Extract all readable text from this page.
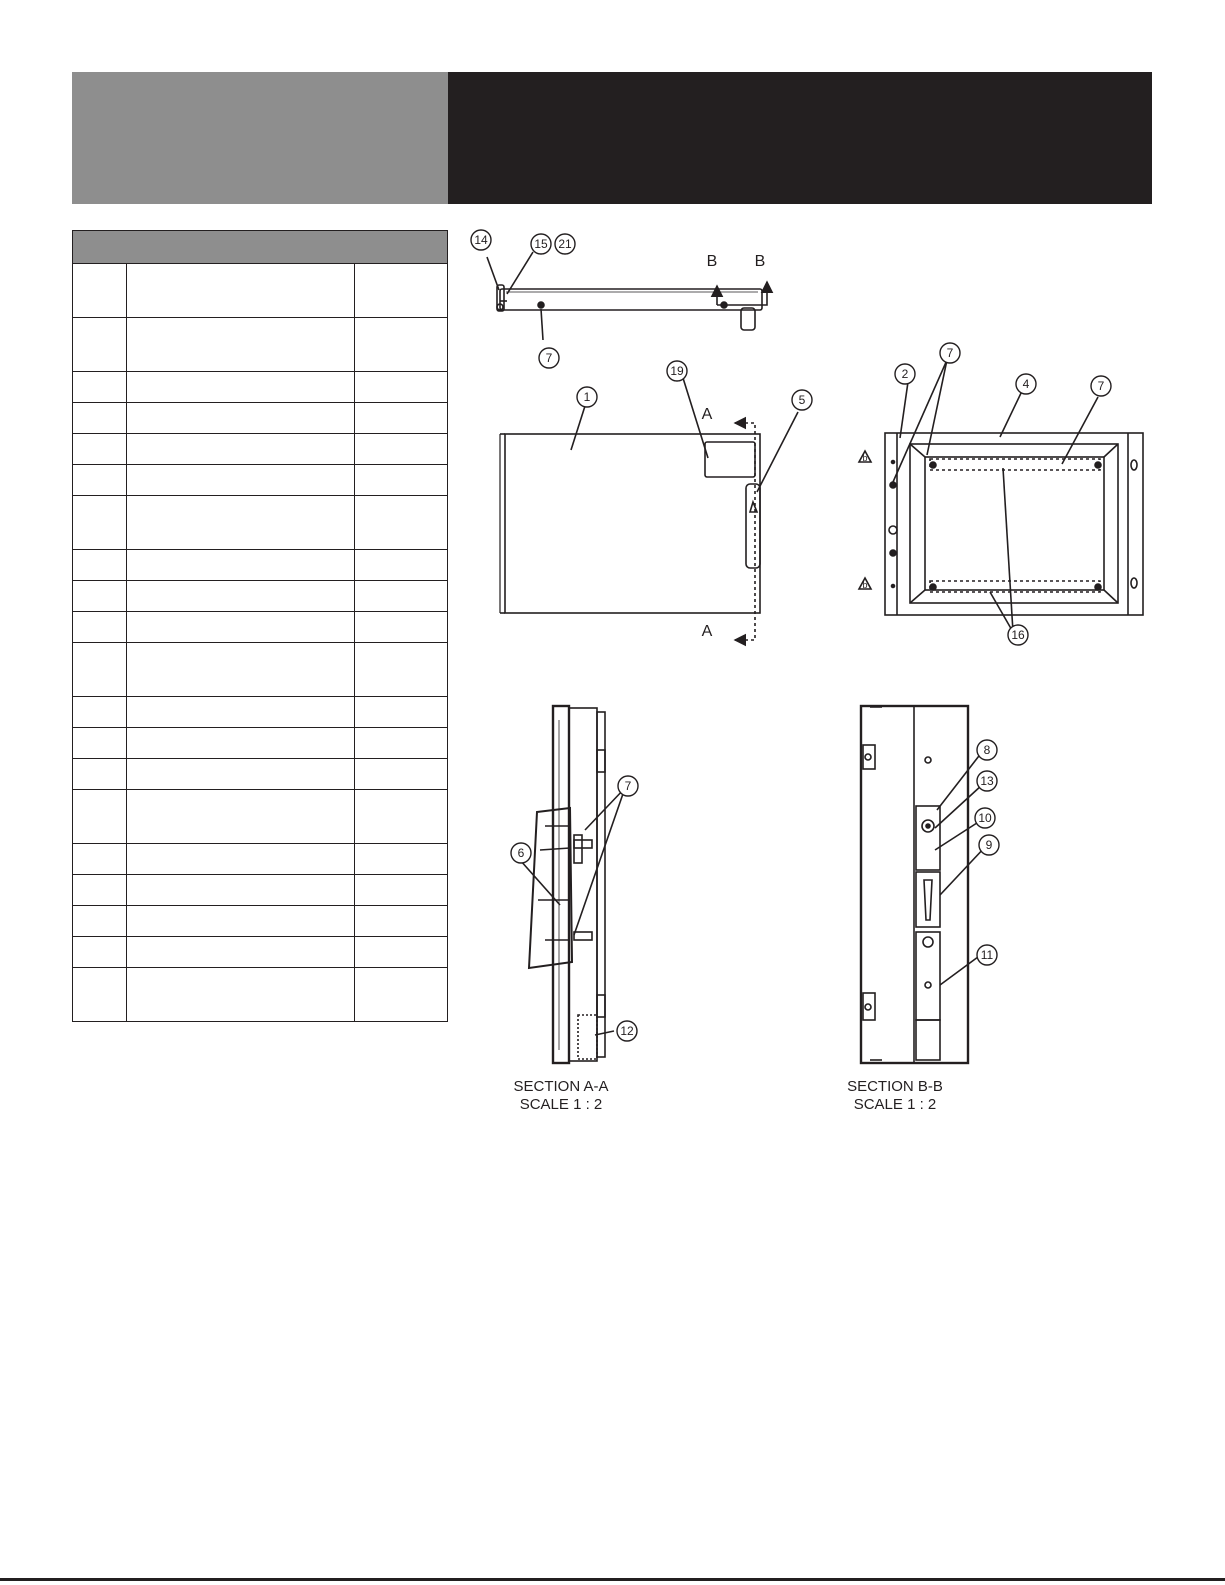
14	15 21
7
1
19
5
2
7
4	7
16
7
6
12
8
13
10
9
11
B B
A
A
b
b
SECTION A-A
SCALE 1 : 2
SECTION B-B
SCALE 1 : 2
